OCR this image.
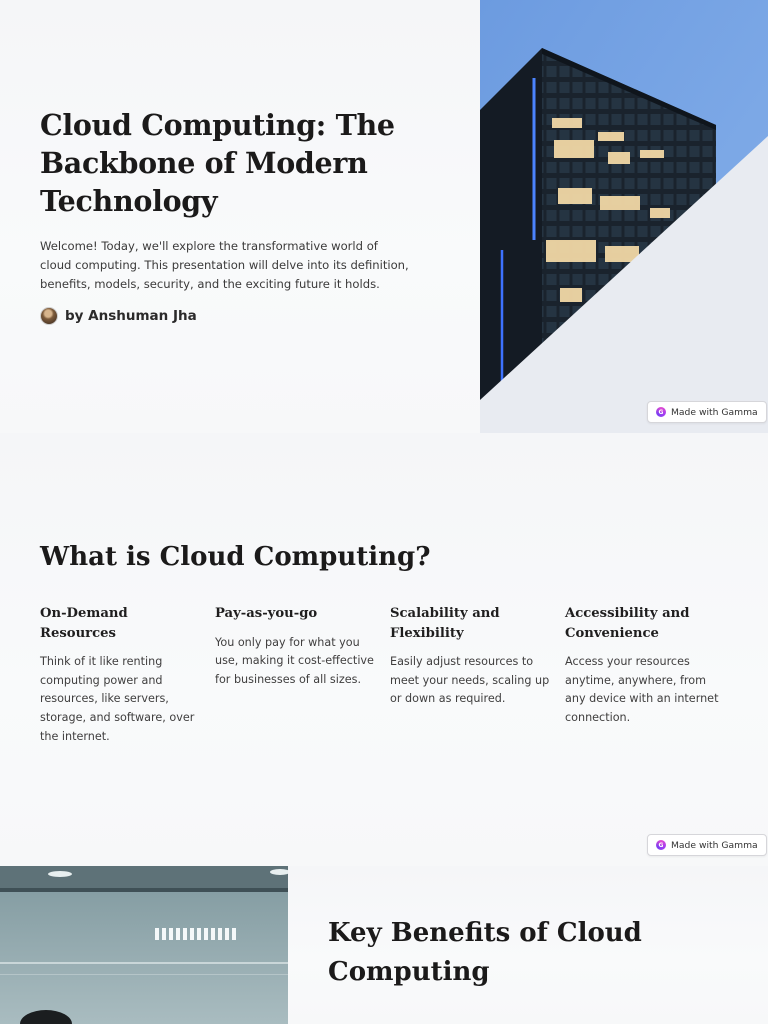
Cloud Computing: The Backbone of Modern Technology

Welcome! Today, we'll explore the transformative world of cloud computing. This presentation will delve into its definition, benefits, models, security, and the exciting future it holds.

by Anshuman Jha
G Made with Gamma
What is Cloud Computing?
On-Demand Resources

Think of it like renting computing power and resources, like servers, storage, and software, over the internet.

Pay-as-you-go

You only pay for what you use, making it cost-effective for businesses of all sizes.

Scalability and Flexibility

Easily adjust resources to meet your needs, scaling up or down as required.

Accessibility and Convenience

Access your resources anytime, anywhere, from any device with an internet connection.

G Made with Gamma
Key Benefits of Cloud Computing
